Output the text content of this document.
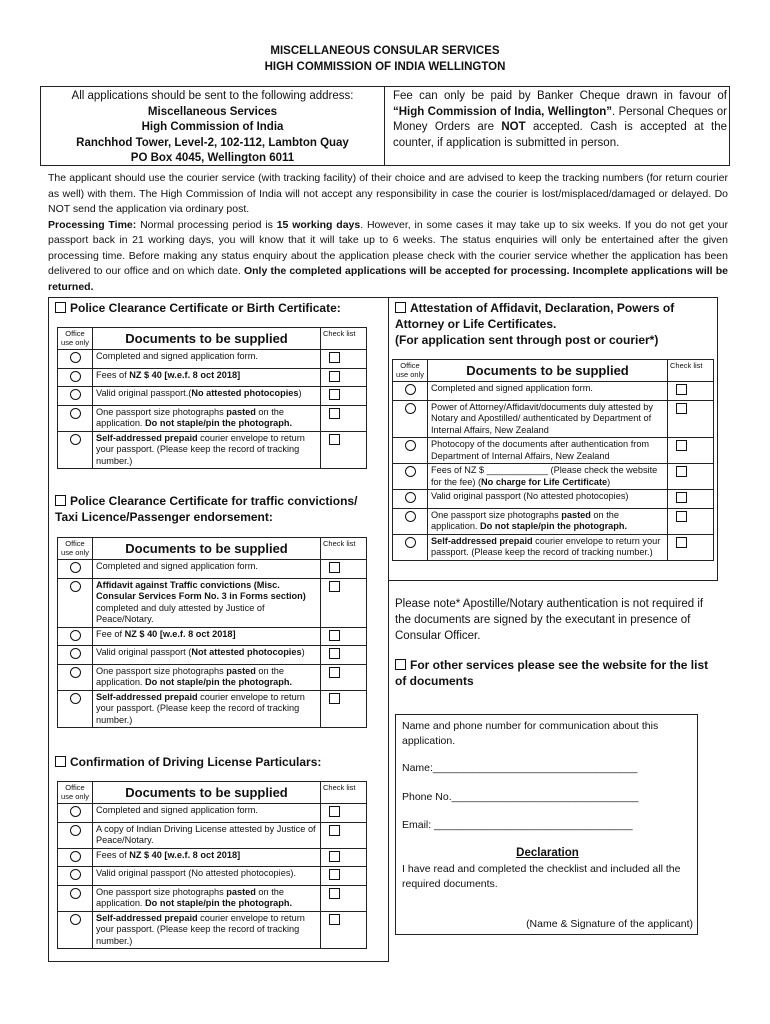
MISCELLANEOUS CONSULAR SERVICES
HIGH COMMISSION OF INDIA WELLINGTON
All applications should be sent to the following address:
Miscellaneous Services
High Commission of India
Ranchhod Tower, Level-2, 102-112, Lambton Quay
PO Box 4045, Wellington 6011
Fee can only be paid by Banker Cheque drawn in favour of “High Commission of India, Wellington”. Personal Cheques or Money Orders are NOT accepted. Cash is accepted at the counter, if application is submitted in person.
The applicant should use the courier service (with tracking facility) of their choice and are advised to keep the tracking numbers (for return courier as well) with them. The High Commission of India will not accept any responsibility in case the courier is lost/misplaced/damaged or delayed. Do NOT send the application via ordinary post.
Processing Time: Normal processing period is 15 working days. However, in some cases it may take up to six weeks. If you do not get your passport back in 21 working days, you will know that it will take up to 6 weeks. The status enquiries will only be entertained after the given processing time. Before making any status enquiry about the application please check with the courier service whether the application has been delivered to our office and on which date. Only the completed applications will be accepted for processing. Incomplete applications will be returned.
Police Clearance Certificate or Birth Certificate:
Office use only	Documents to be supplied	Check list
	Completed and signed application form.	
	Fees of NZ $ 40 [w.e.f. 8 oct 2018]	
	Valid original passport.(No attested photocopies)	
	One passport size photographs pasted on the application. Do not staple/pin the photograph.	
	Self-addressed prepaid courier envelope to return your passport. (Please keep the record of tracking number.)	
Police Clearance Certificate for traffic convictions/
Taxi Licence/Passenger endorsement:
Office use only	Documents to be supplied	Check list
	Completed and signed application form.	
	Affidavit against Traffic convictions (Misc. Consular Services Form No. 3 in Forms section) completed and duly attested by Justice of Peace/Notary.	
	Fee of NZ $ 40 [w.e.f. 8 oct 2018]	
	Valid original passport (Not attested photocopies)	
	One passport size photographs pasted on the application. Do not staple/pin the photograph.	
	Self-addressed prepaid courier envelope to return your passport. (Please keep the record of tracking number.)	
Confirmation of Driving License Particulars:
Office use only	Documents to be supplied	Check list
	Completed and signed application form.	
	A copy of Indian Driving License attested by Justice of Peace/Notary.	
	Fees of NZ $ 40 [w.e.f. 8 oct 2018]	
	Valid original passport (No attested photocopies).	
	One passport size photographs pasted on the application. Do not staple/pin the photograph.	
	Self-addressed prepaid courier envelope to return your passport. (Please keep the record of tracking number.)	
Attestation of Affidavit, Declaration, Powers of
Attorney or Life Certificates.
(For application sent through post or courier*)
Office use only	Documents to be supplied	Check list
	Completed and signed application form.	
	Power of Attorney/Affidavit/documents duly attested by Notary and Apostilled/ authenticated by Department of Internal Affairs, New Zealand	
	Photocopy of the documents after authentication from Department of Internal Affairs, New Zealand	
	Fees of NZ $ ____________ (Please check the website for the fee) (No charge for Life Certificate)	
	Valid original passport (No attested photocopies)	
	One passport size photographs pasted on the application. Do not staple/pin the photograph.	
	Self-addressed prepaid courier envelope to return your passport. (Please keep the record of tracking number.)	
Please note* Apostille/Notary authentication is not required if the documents are signed by the executant in presence of Consular Officer.
For other services please see the website for the list of documents
Name and phone number for communication about this application.
Name:___________________________________
Phone No.________________________________
Email: __________________________________
Declaration
I have read and completed the checklist and included all the required documents.
(Name & Signature of the applicant)
